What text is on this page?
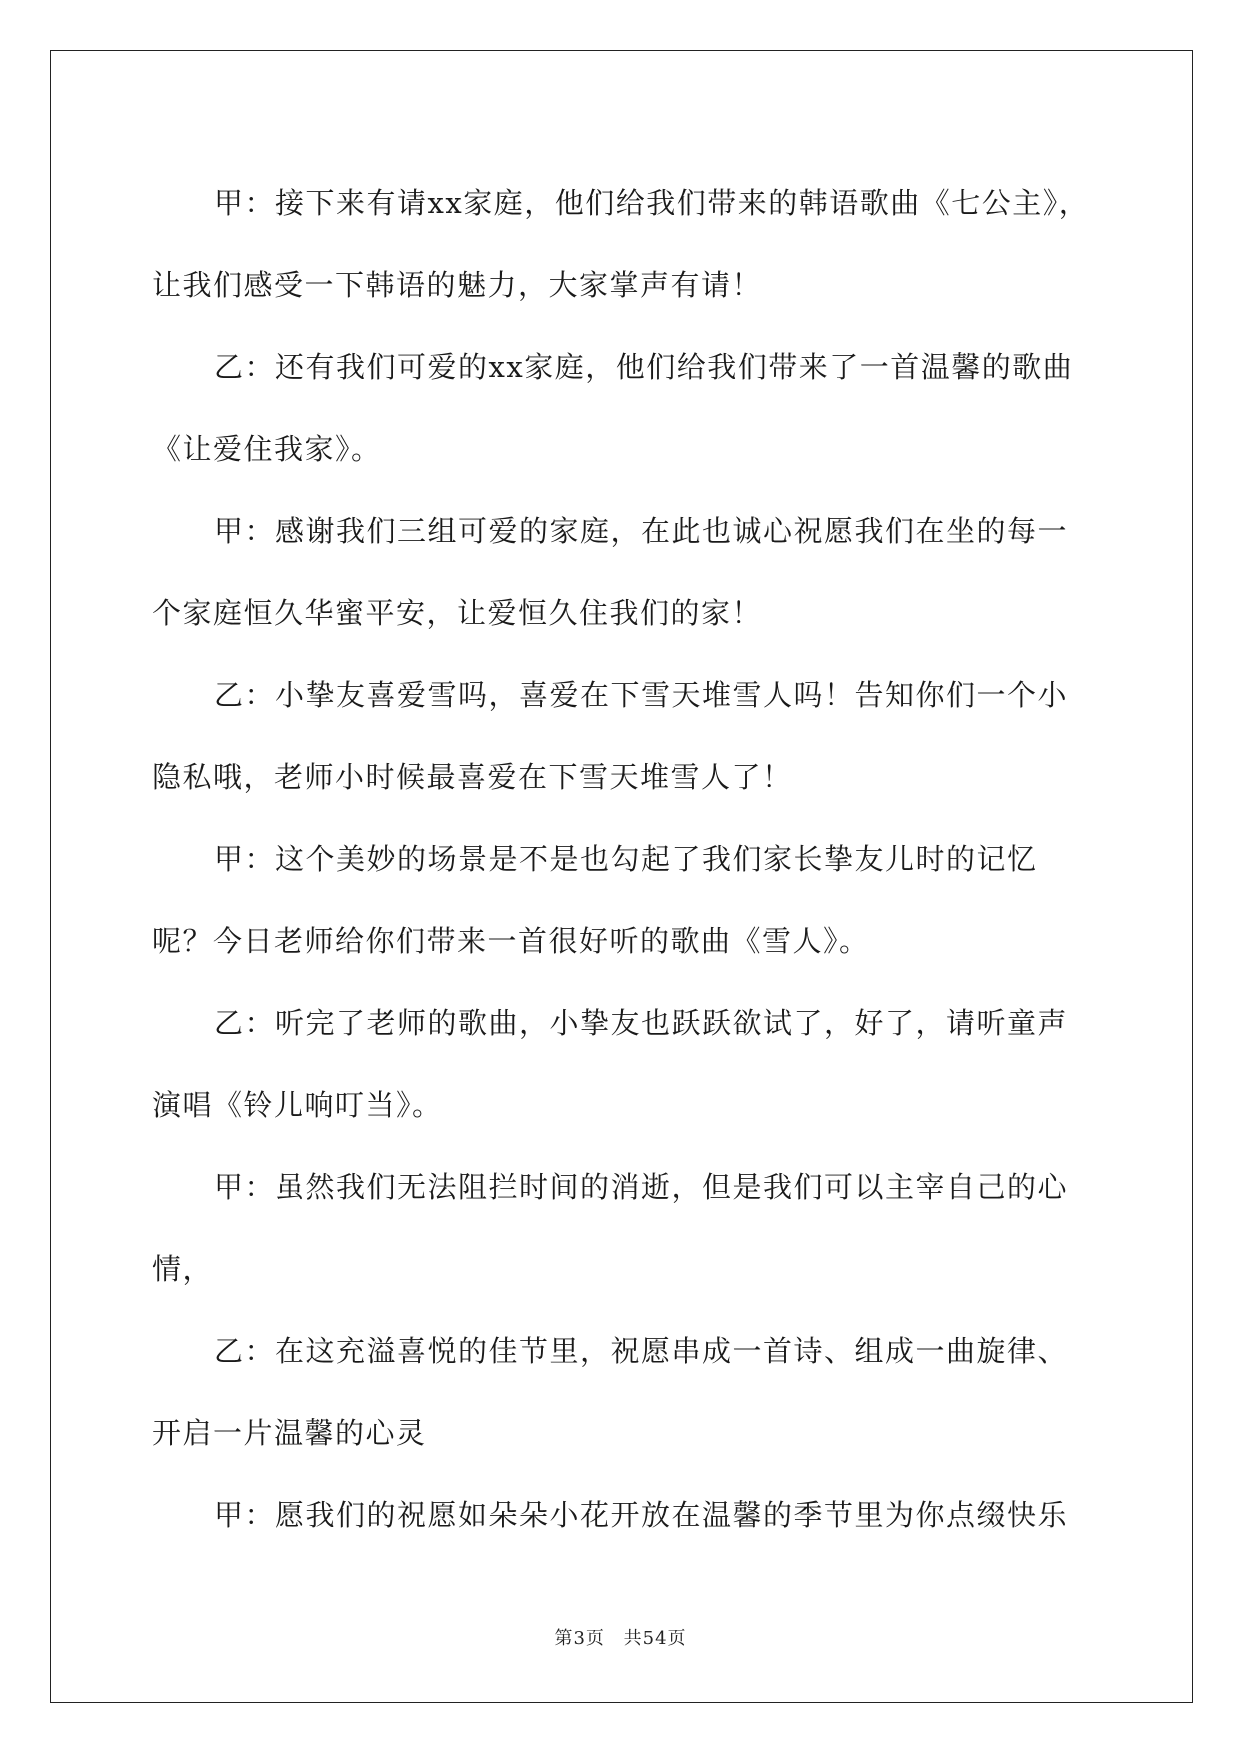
甲：接下来有请xx家庭，他们给我们带来的韩语歌曲《七公主》，让我们感受一下韩语的魅力，大家掌声有请！

乙：还有我们可爱的xx家庭，他们给我们带来了一首温馨的歌曲《让爱住我家》。

甲：感谢我们三组可爱的家庭，在此也诚心祝愿我们在坐的每一个家庭恒久华蜜平安，让爱恒久住我们的家！

乙：小挚友喜爱雪吗，喜爱在下雪天堆雪人吗！告知你们一个小隐私哦，老师小时候最喜爱在下雪天堆雪人了！

甲：这个美妙的场景是不是也勾起了我们家长挚友儿时的记忆呢？今日老师给你们带来一首很好听的歌曲《雪人》。

乙：听完了老师的歌曲，小挚友也跃跃欲试了，好了，请听童声演唱《铃儿响叮当》。

甲：虽然我们无法阻拦时间的消逝，但是我们可以主宰自己的心情，

乙：在这充溢喜悦的佳节里，祝愿串成一首诗、组成一曲旋律、开启一片温馨的心灵

甲：愿我们的祝愿如朵朵小花开放在温馨的季节里为你点缀快乐

第3页 共54页
